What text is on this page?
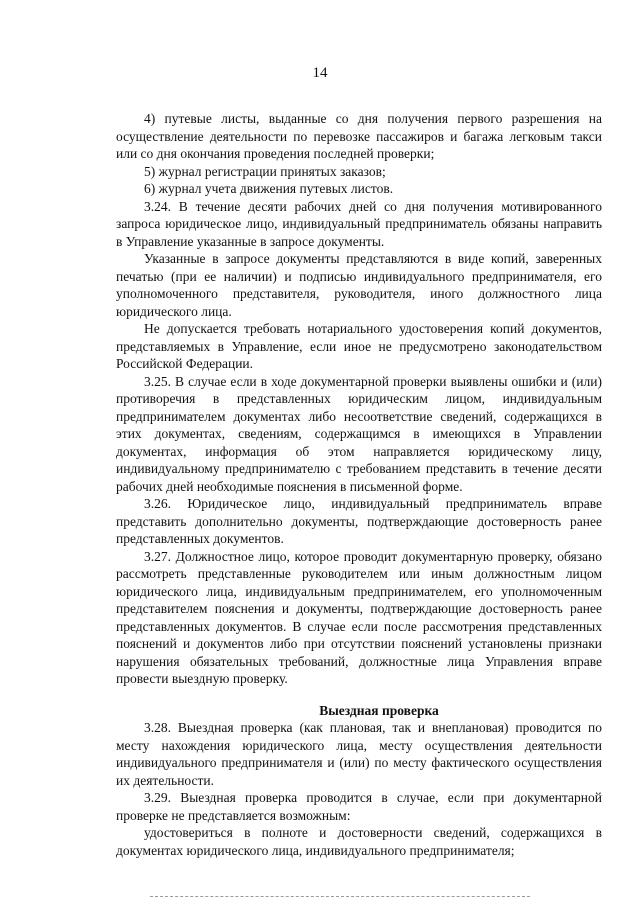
14

4) путевые листы, выданные со дня получения первого разрешения на осуществление деятельности по перевозке пассажиров и багажа легковым такси или со дня окончания проведения последней проверки;

5) журнал регистрации принятых заказов;

6) журнал учета движения путевых листов.

3.24. В течение десяти рабочих дней со дня получения мотивированного запроса юридическое лицо, индивидуальный предприниматель обязаны направить в Управление указанные в запросе документы.

Указанные в запросе документы представляются в виде копий, заверенных печатью (при ее наличии) и подписью индивидуального предпринимателя, его уполномоченного представителя, руководителя, иного должностного лица юридического лица.

Не допускается требовать нотариального удостоверения копий документов, представляемых в Управление, если иное не предусмотрено законодательством Российской Федерации.

3.25. В случае если в ходе документарной проверки выявлены ошибки и (или) противоречия в представленных юридическим лицом, индивидуальным предпринимателем документах либо несоответствие сведений, содержащихся в этих документах, сведениям, содержащимся в имеющихся в Управлении документах, информация об этом направляется юридическому лицу, индивидуальному предпринимателю с требованием представить в течение десяти рабочих дней необходимые пояснения в письменной форме.

3.26. Юридическое лицо, индивидуальный предприниматель вправе представить дополнительно документы, подтверждающие достоверность ранее представленных документов.

3.27. Должностное лицо, которое проводит документарную проверку, обязано рассмотреть представленные руководителем или иным должностным лицом юридического лица, индивидуальным предпринимателем, его уполномоченным представителем пояснения и документы, подтверждающие достоверность ранее представленных документов. В случае если после рассмотрения представленных пояснений и документов либо при отсутствии пояснений установлены признаки нарушения обязательных требований, должностные лица Управления вправе провести выездную проверку.

Выездная проверка

3.28. Выездная проверка (как плановая, так и внеплановая) проводится по месту нахождения юридического лица, месту осуществления деятельности индивидуального предпринимателя и (или) по месту фактического осуществления их деятельности.

3.29. Выездная проверка проводится в случае, если при документарной проверке не представляется возможным:

удостовериться в полноте и достоверности сведений, содержащихся в документах юридического лица, индивидуального предпринимателя;
